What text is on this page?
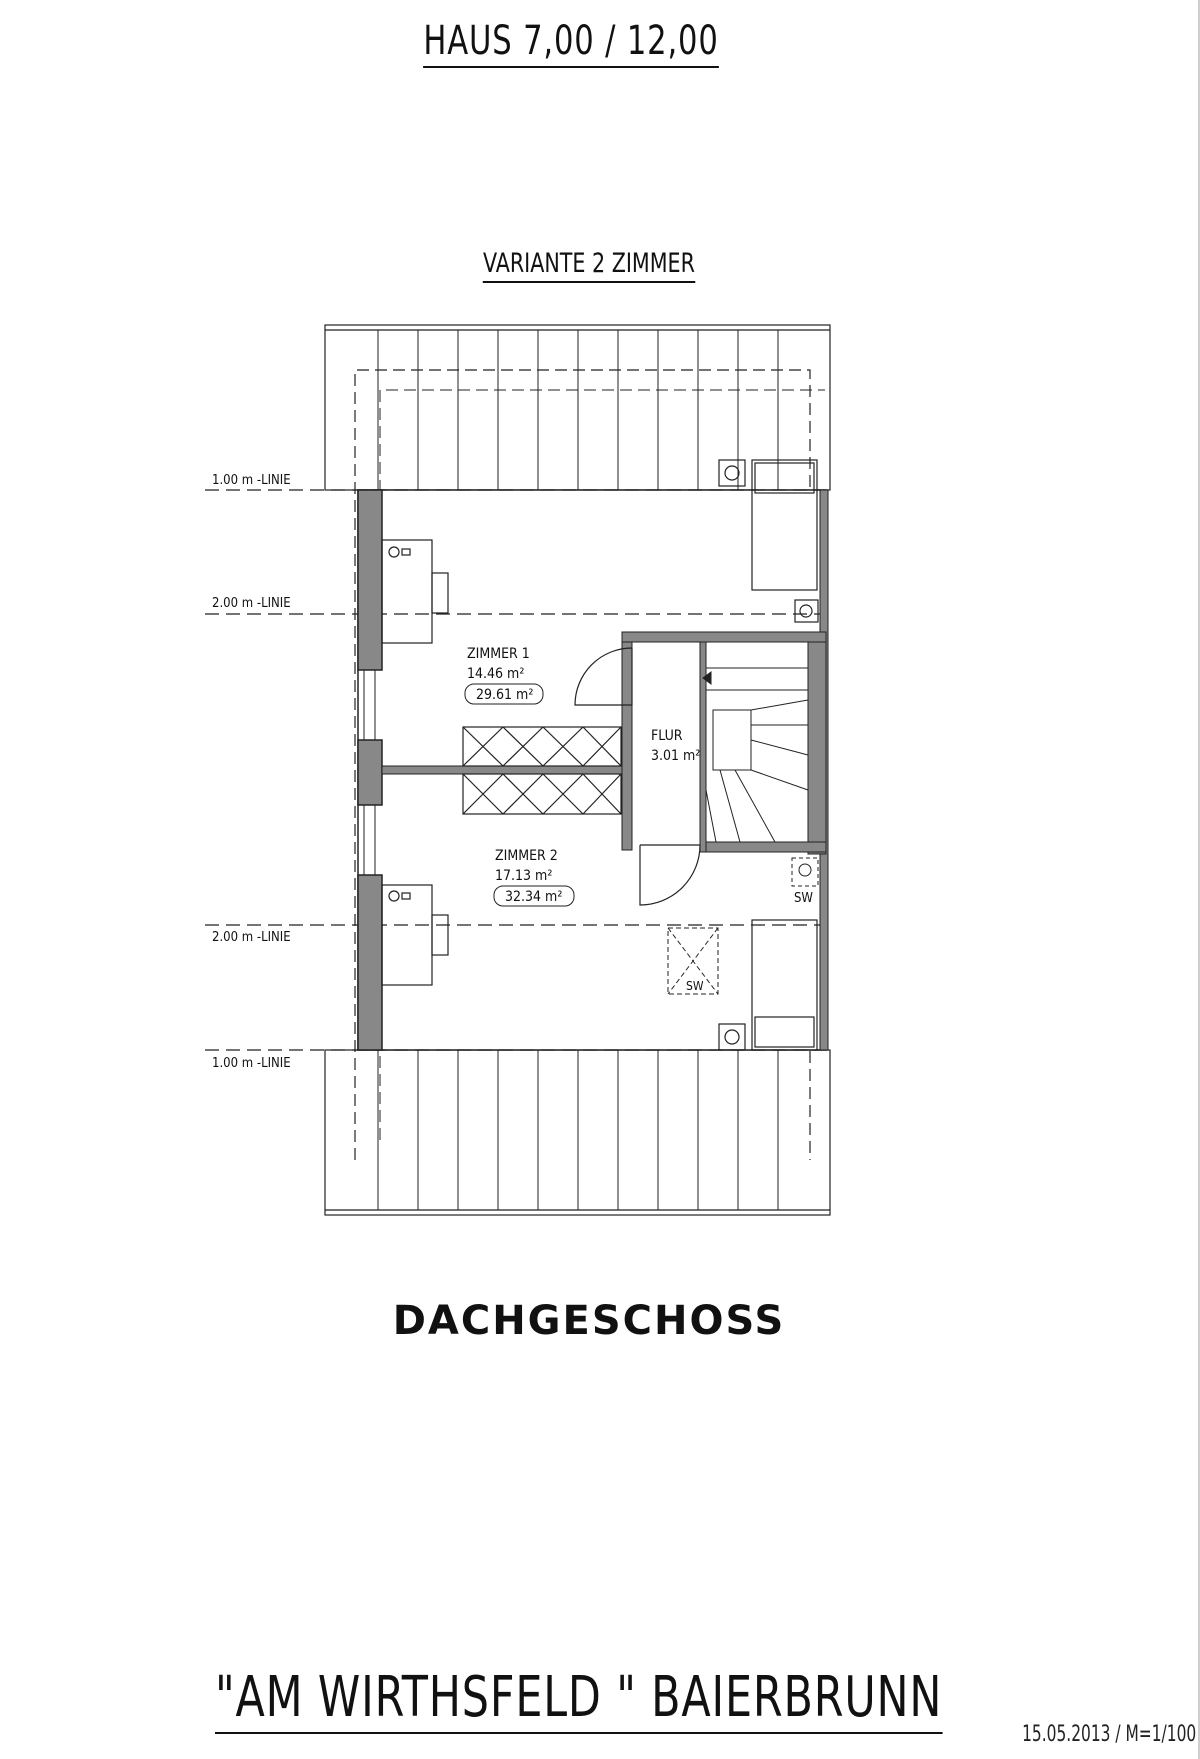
HAUS 7,00 / 12,00
VARIANTE 2 ZIMMER
1.00 m -LINIE
2.00 m -LINIE
2.00 m -LINIE
1.00 m -LINIE
SW
SW
ZIMMER 1
14.46 m²
29.61 m²
FLUR
3.01 m²
ZIMMER 2
17.13 m²
32.34 m²
DACHGESCHOSS
"AM WIRTHSFELD " BAIERBRUNN
15.05.2013 / M=1/100
